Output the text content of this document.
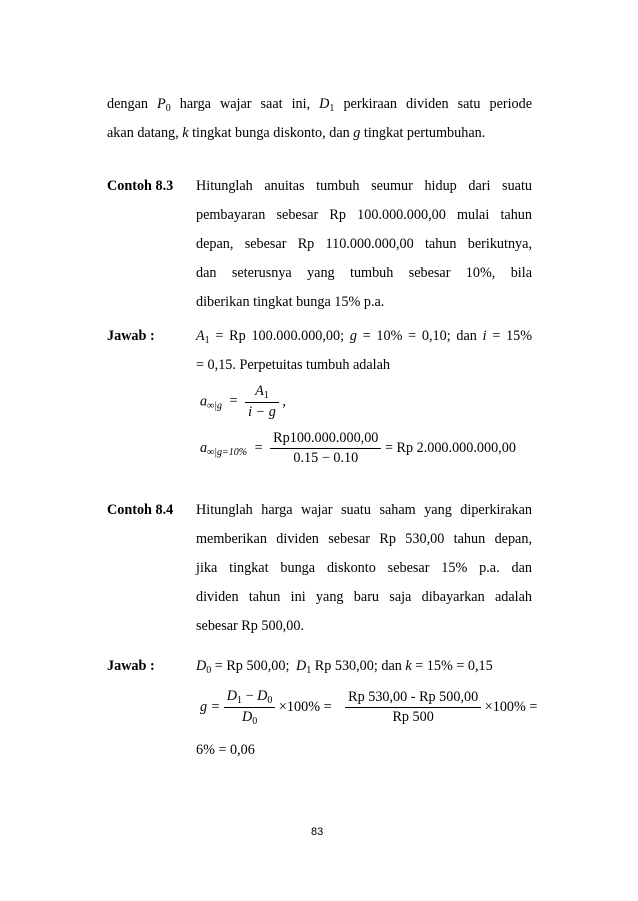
dengan $P_0$ harga wajar saat ini, $D_1$ perkiraan dividen satu periode
akan datang, k tingkat bunga diskonto, dan g tingkat pertumbuhan.
Contoh 8.3 Hitunglah anuitas tumbuh seumur hidup dari suatu
pembayaran sebesar Rp 100.000.000,00 mulai tahun
depan, sebesar Rp 110.000.000,00 tahun berikutnya,
dan seterusnya yang tumbuh sebesar 10%, bila
diberikan tingkat bunga 15% p.a.
Jawab :	$A_1 = Rp$ 100.000.000,00; g = 10% = 0,10; dan i = 15%
= 0,15. Perpetuitas tumbuh adalah
$a_{\infty|g} = \frac{A_1}{i - g}$ ,
$a_{\infty|g=10\%} = \frac{Rp100.000.000,00}{0.15 - 0.10} = Rp$ 2.000.000.000,00
Contoh 8.4 Hitunglah harga wajar suatu saham yang diperkirakan
memberikan dividen sebesar Rp 530,00 tahun depan,
jika tingkat bunga diskonto sebesar 15% p.a. dan
dividen tahun ini yang baru saja dibayarkan adalah
sebesar Rp 500,00.
Jawab :	$D_0 = Rp$ 500,00; $D_1$ Rp 530,00; dan k = 15% = 0,15
$g = \frac{D_1 - D_0}{D_0} \times 100\% = \frac{Rp 530,00 - Rp 500,00}{Rp 500} \times 100\%$ =
6% = 0,06
83
